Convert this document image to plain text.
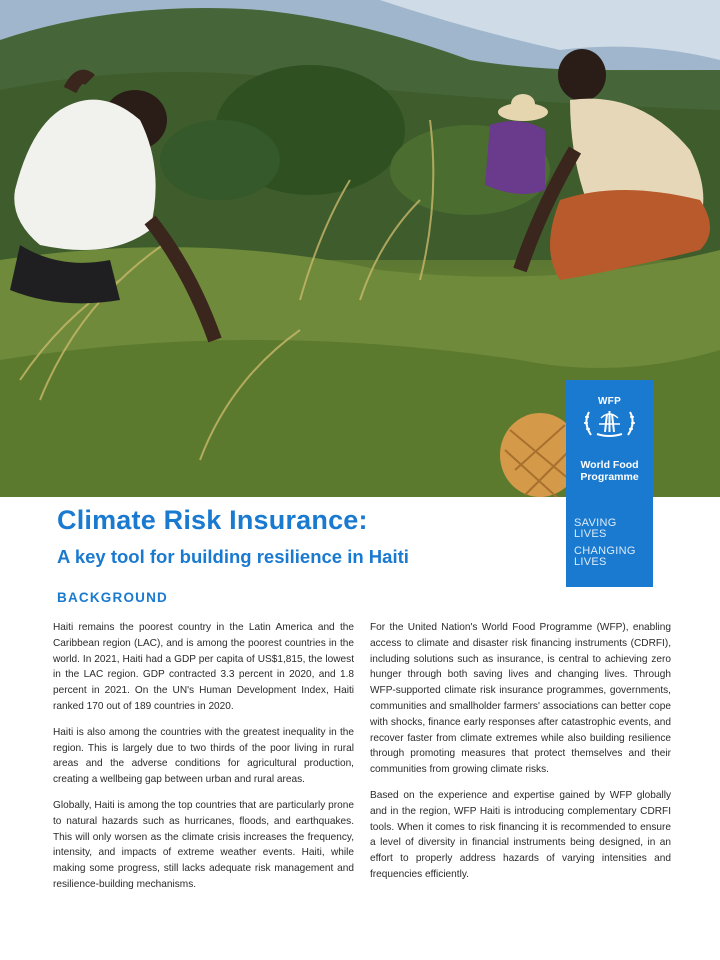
WFP
World Food
Programme
SAVING
LIVES
CHANGING
LIVES
Climate Risk Insurance:
A key tool for building resilience in Haiti
BACKGROUND

Haiti remains the poorest country in the Latin America and the Caribbean region (LAC), and is among the poorest countries in the world. In 2021, Haiti had a GDP per capita of US$1,815, the lowest in the LAC region. GDP contracted 3.3 percent in 2020, and 1.8 percent in 2021. On the UN's Human Development Index, Haiti ranked 170 out of 189 countries in 2020.

Haiti is also among the countries with the greatest inequality in the region. This is largely due to two thirds of the poor living in rural areas and the adverse conditions for agricultural production, creating a wellbeing gap between urban and rural areas.

Globally, Haiti is among the top countries that are particularly prone to natural hazards such as hurricanes, floods, and earthquakes. This will only worsen as the climate crisis increases the frequency, intensity, and impacts of extreme weather events. Haiti, while making some progress, still lacks adequate risk management and resilience-building mechanisms.

For the United Nation's World Food Programme (WFP), enabling access to climate and disaster risk financing instruments (CDRFI), including solutions such as insurance, is central to achieving zero hunger through both saving lives and changing lives. Through WFP-supported climate risk insurance programmes, governments, communities and smallholder farmers' associations can better cope with shocks, finance early responses after catastrophic events, and recover faster from climate extremes while also building resilience through promoting measures that protect themselves and their communities from growing climate risks.

Based on the experience and expertise gained by WFP globally and in the region, WFP Haiti is introducing complementary CDRFI tools. When it comes to risk financing it is recommended to ensure a level of diversity in financial instruments being designed, in an effort to properly address hazards of varying intensities and frequencies efficiently.
